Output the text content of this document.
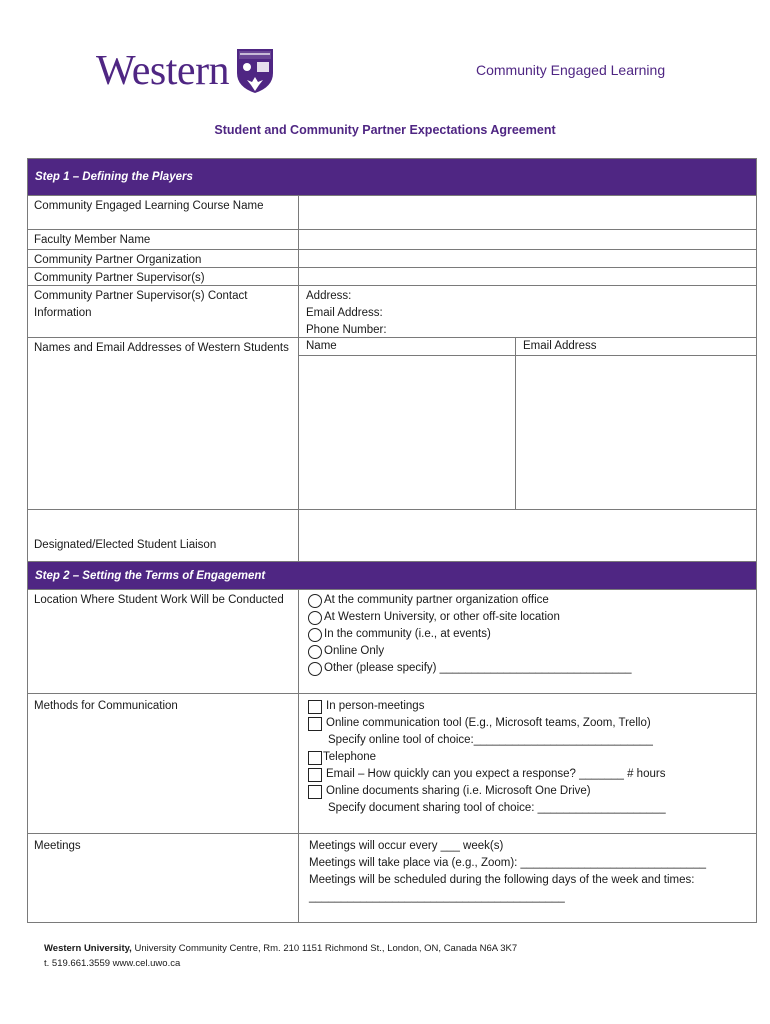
Western	Community Engaged Learning
Student and Community Partner Expectations Agreement
Step 1 – Defining the Players
Community Engaged Learning Course Name
Faculty Member Name
Community Partner Organization
Community Partner Supervisor(s)
Community Partner Supervisor(s) Contact Information
Address:
Email Address:
Phone Number:
Names and Email Addresses of Western Students	Name	Email Address
Designated/Elected Student Liaison
Step 2 – Setting the Terms of Engagement
Location Where Student Work Will be Conducted	At the community partner organization office
At Western University, or other off-site location
In the community (i.e., at events)
Online Only
Other (please specify) ______________________________
Methods for Communication	In person-meetings
Online communication tool (E.g., Microsoft teams, Zoom, Trello)
Specify online tool of choice:____________________________
Telephone
Email – How quickly can you expect a response? _______ # hours
Online documents sharing (i.e. Microsoft One Drive)
Specify document sharing tool of choice: ____________________
Meetings	Meetings will occur every ___ week(s)
Meetings will take place via (e.g., Zoom): _____________________________
Meetings will be scheduled during the following days of the week and times:
________________________________________
Western University, University Community Centre, Rm. 210 1151 Richmond St., London, ON, Canada N6A 3K7
t. 519.661.3559 www.cel.uwo.ca
